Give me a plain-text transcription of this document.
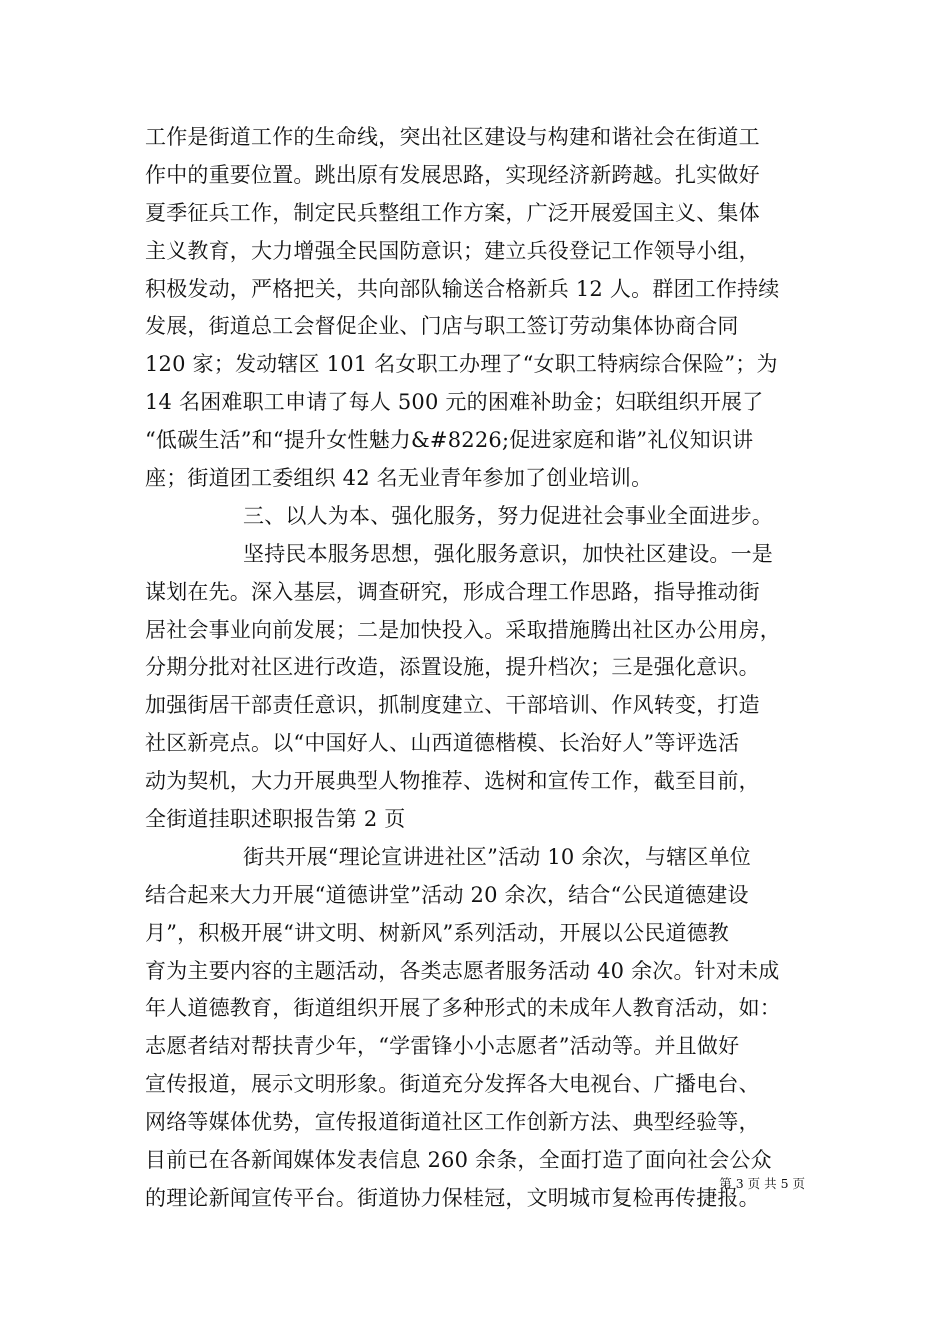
工作是街道工作的生命线，突出社区建设与构建和谐社会在街道工
作中的重要位置。跳出原有发展思路，实现经济新跨越。扎实做好
夏季征兵工作，制定民兵整组工作方案，广泛开展爱国主义、集体
主义教育，大力增强全民国防意识；建立兵役登记工作领导小组，
积极发动，严格把关，共向部队输送合格新兵 12 人。群团工作持续
发展，街道总工会督促企业、门店与职工签订劳动集体协商合同
120 家；发动辖区 101 名女职工办理了“女职工特病综合保险”；为
14 名困难职工申请了每人 500 元的困难补助金；妇联组织开展了
“低碳生活”和“提升女性魅力&#8226;促进家庭和谐”礼仪知识讲
座；街道团工委组织 42 名无业青年参加了创业培训。
三、以人为本、强化服务，努力促进社会事业全面进步。
坚持民本服务思想，强化服务意识，加快社区建设。一是
谋划在先。深入基层，调查研究，形成合理工作思路，指导推动街
居社会事业向前发展；二是加快投入。采取措施腾出社区办公用房，
分期分批对社区进行改造，添置设施，提升档次；三是强化意识。
加强街居干部责任意识，抓制度建立、干部培训、作风转变，打造
社区新亮点。以“中国好人、山西道德楷模、长治好人”等评选活
动为契机，大力开展典型人物推荐、选树和宣传工作，截至目前，
全街道挂职述职报告第 2 页
街共开展“理论宣讲进社区”活动 10 余次，与辖区单位
结合起来大力开展“道德讲堂”活动 20 余次，结合“公民道德建设
月”，积极开展“讲文明、树新风”系列活动，开展以公民道德教
育为主要内容的主题活动，各类志愿者服务活动 40 余次。针对未成
年人道德教育，街道组织开展了多种形式的未成年人教育活动，如：
志愿者结对帮扶青少年，“学雷锋小小志愿者”活动等。并且做好
宣传报道，展示文明形象。街道充分发挥各大电视台、广播电台、
网络等媒体优势，宣传报道街道社区工作创新方法、典型经验等，
目前已在各新闻媒体发表信息 260 余条，全面打造了面向社会公众
的理论新闻宣传平台。街道协力保桂冠，文明城市复检再传捷报。
第 3 页 共 5 页
